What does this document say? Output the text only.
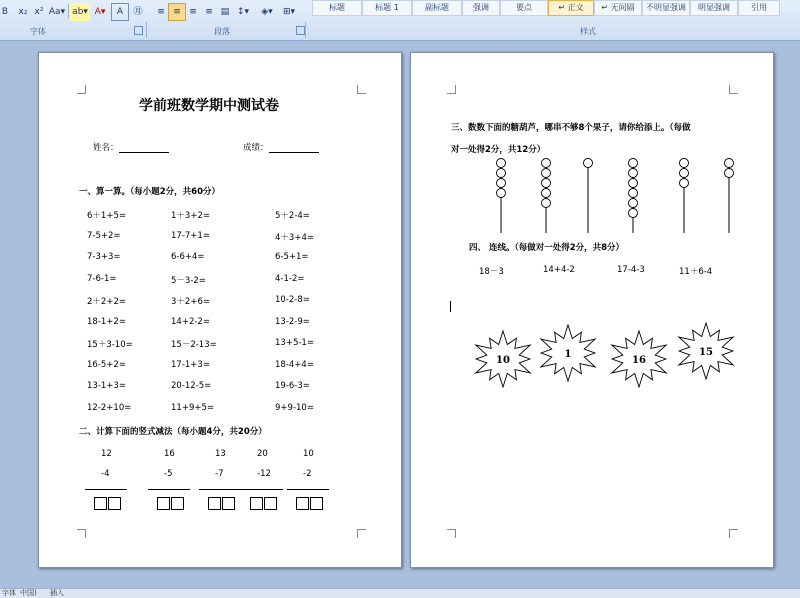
B	x₂ x² Aa▾ ab▾ A▾	A	㊊	≡ ≡ ≡ ≡ ▤ ↕▾	◈▾	⊞▾
字体	段落	样式
标题	标题 1	副标题	强调	要点	↵ 正文	↵ 无间隔	不明显强调	明显强调	引用
学前班数学期中测试卷
姓名：	成绩：
一、算一算。（每小题2分，共60分）
6＋1+5=	1＋3+2=	5＋2-4=
7-5+2=	17-7+1=	4＋3+4=
7-3+3=	6-6+4=	6-5+1=
7-6-1=	5－3-2=	4-1-2=
2＋2+2=	3＋2+6=	10-2-8=
18-1+2=	14+2-2=	13-2-9=
15＋3-10=	15－2-13=	13+5-1=
16-5+2=	17-1+3=	18-4+4=
13-1+3=	20-12-5=	19-6-3=
12-2+10=	11+9+5=	9+9-10=
二、计算下面的竖式减法（每小题4分，共20分）
12
-4
16
-5
13
-7
20
-12
10
-2
三、数数下面的糖葫芦，哪串不够8个果子，请你给添上。（每做
对一处得2分，共12分）
四、 连线。（每做对一处得2分，共8分）
18－3	14+4-2	17-4-3	11＋6-4
10
1
16
15
字体 中国) 插入
